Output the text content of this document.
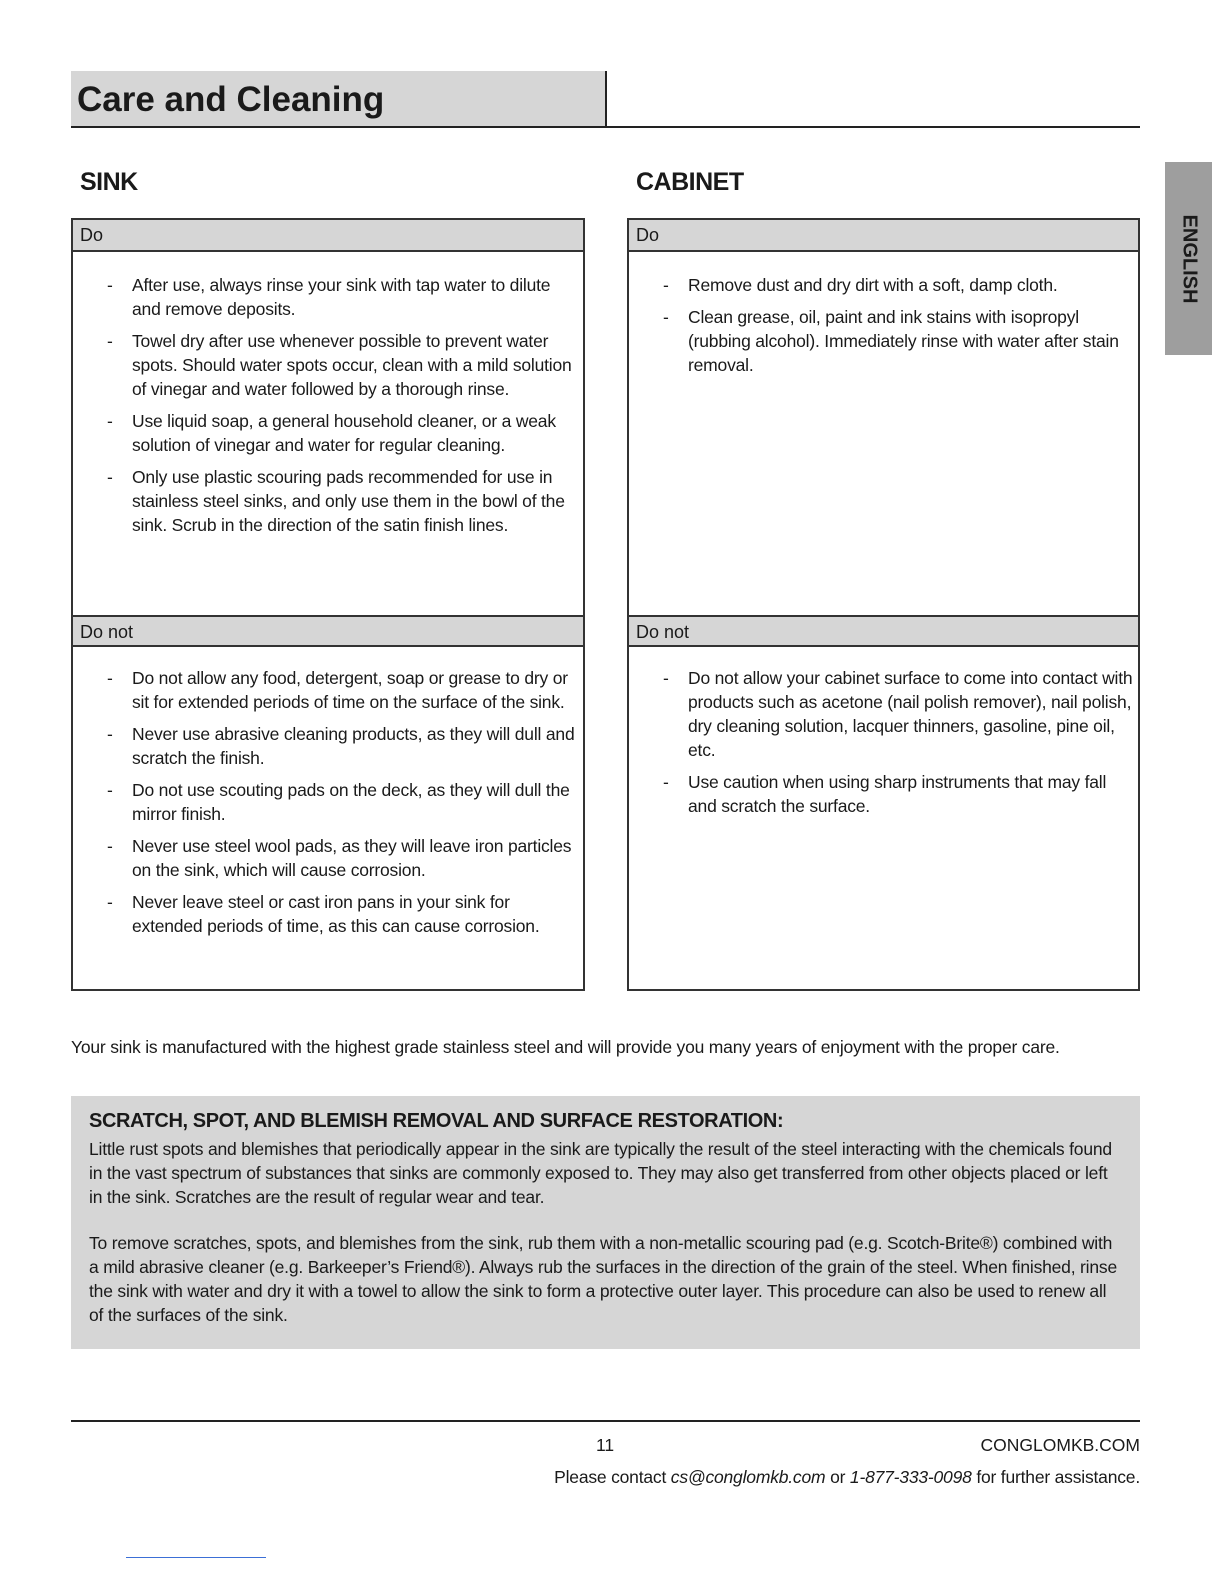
Care and Cleaning
ENGLISH
SINK	CABINET
Do
- After use, always rinse your sink with tap water to dilute and remove deposits.
- Towel dry after use whenever possible to prevent water spots. Should water spots occur, clean with a mild solution of vinegar and water followed by a thorough rinse.
- Use liquid soap, a general household cleaner, or a weak solution of vinegar and water for regular cleaning.
- Only use plastic scouring pads recommended for use in stainless steel sinks, and only use them in the bowl of the sink. Scrub in the direction of the satin finish lines.
Do not
- Do not allow any food, detergent, soap or grease to dry or sit for extended periods of time on the surface of the sink.
- Never use abrasive cleaning products, as they will dull and scratch the finish.
- Do not use scouting pads on the deck, as they will dull the mirror finish.
- Never use steel wool pads, as they will leave iron particles on the sink, which will cause corrosion.
- Never leave steel or cast iron pans in your sink for extended periods of time, as this can cause corrosion.
Do
- Remove dust and dry dirt with a soft, damp cloth.
- Clean grease, oil, paint and ink stains with isopropyl (rubbing alcohol). Immediately rinse with water after stain removal.
Do not
- Do not allow your cabinet surface to come into contact with products such as acetone (nail polish remover), nail polish, dry cleaning solution, lacquer thinners, gasoline, pine oil, etc.
- Use caution when using sharp instruments that may fall and scratch the surface.
Your sink is manufactured with the highest grade stainless steel and will provide you many years of enjoyment with the proper care.
SCRATCH, SPOT, AND BLEMISH REMOVAL AND SURFACE RESTORATION:

Little rust spots and blemishes that periodically appear in the sink are typically the result of the steel interacting with the chemicals found in the vast spectrum of substances that sinks are commonly exposed to. They may also get transferred from other objects placed or left in the sink. Scratches are the result of regular wear and tear.

To remove scratches, spots, and blemishes from the sink, rub them with a non-metallic scouring pad (e.g. Scotch-Brite®) combined with a mild abrasive cleaner (e.g. Barkeeper’s Friend®). Always rub the surfaces in the direction of the grain of the steel. When finished, rinse the sink with water and dry it with a towel to allow the sink to form a protective outer layer. This procedure can also be used to renew all of the surfaces of the sink.

11	CONGLOMKB.COM
Please contact cs@conglomkb.com or 1-877-333-0098 for further assistance.
